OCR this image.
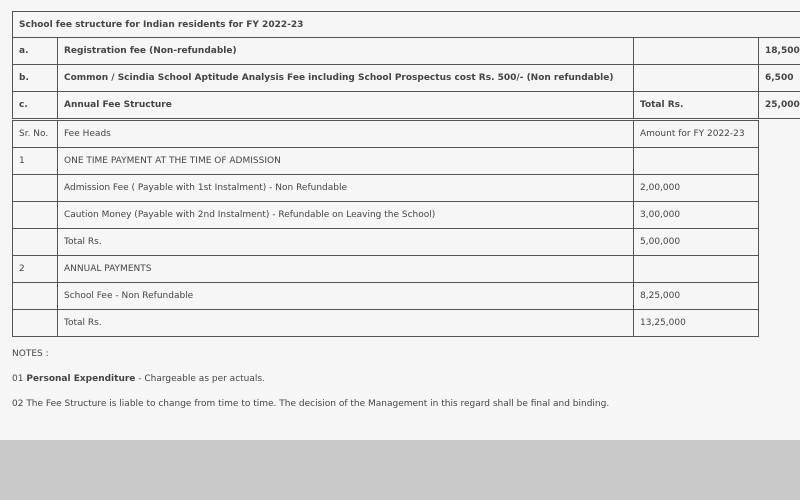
School fee structure for Indian residents for FY 2022-23			
a.	Registration fee (Non-refundable)		18,500
b.	Common / Scindia School Aptitude Analysis Fee including School Prospectus cost Rs. 500/- (Non refundable)		6,500
c.	Annual Fee Structure	Total Rs.	25,000
Sr. No.	Fee Heads	Amount for FY 2022-23
1	ONE TIME PAYMENT AT THE TIME OF ADMISSION	
	Admission Fee ( Payable with 1st Instalment) - Non Refundable	2,00,000
	Caution Money (Payable with 2nd Instalment) - Refundable on Leaving the School)	3,00,000
	Total Rs.	5,00,000
2	ANNUAL PAYMENTS	
	School Fee - Non Refundable	8,25,000
	Total Rs.	13,25,000
NOTES :
01 Personal Expenditure - Chargeable as per actuals.
02 The Fee Structure is liable to change from time to time. The decision of the Management in this regard shall be final and binding.
